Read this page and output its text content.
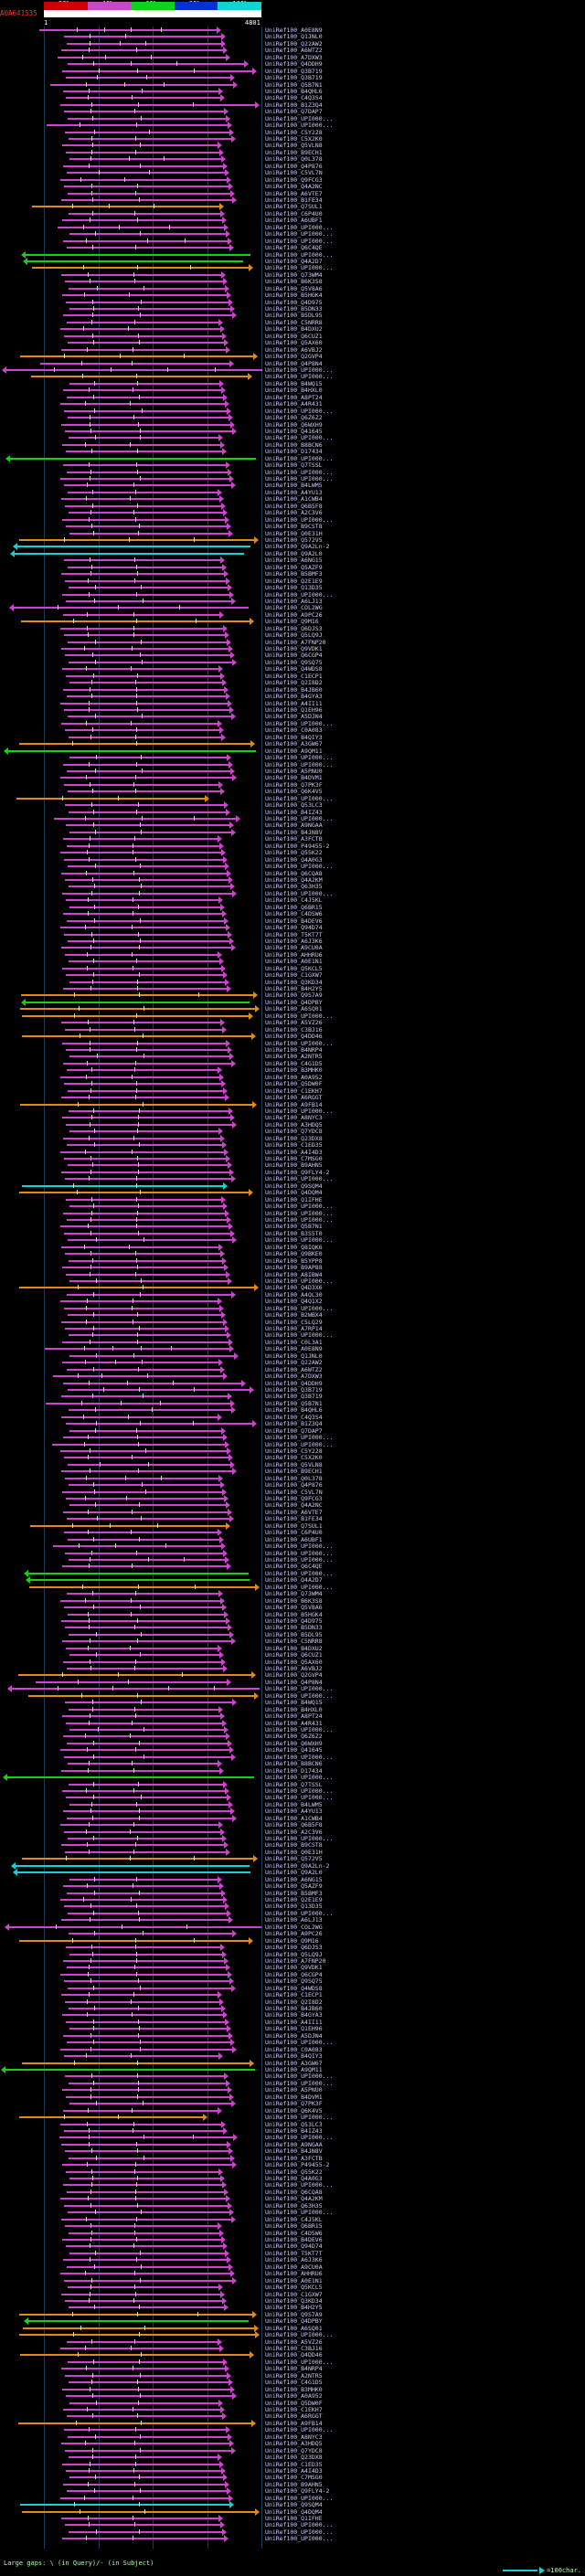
A0A641535
1	4801
UniRef100_A0E8N9
UniRef100_Q1JNL0
UniRef100_Q22AW2
UniRef100_A6WTZ2
UniRef100_A7DXW3
UniRef100_Q4DDH9
UniRef100_Q3B719
UniRef100_Q3B719
UniRef100_Q5B7N1
UniRef100_B4QHL6
UniRef100_C4Q3S4
UniRef100_B1Z3Q4
UniRef100_Q7DAP7
UniRef100_UPI000...
UniRef100_UPI000...
UniRef100_C5Y228
UniRef100_C5X2K0
UniRef100_Q5VLN8
UniRef100_B9ECH1
UniRef100_Q0L378
UniRef100_Q4P876
UniRef100_C5VL7N
UniRef100_Q9FCG3
UniRef100_Q4A2NC
UniRef100_A6VTE7
UniRef100_B1FE34
UniRef100_Q7SUL1
UniRef100_C6P4U0
UniRef100_A6UBF1
UniRef100_UPI000...
UniRef100_UPI000...
UniRef100_UPI000...
UniRef100_Q6C4QE
UniRef100_UPI000...
UniRef100_Q4A2D7
UniRef100_UPI000...
UniRef100_Q73WM4
UniRef100_B6K3S8
UniRef100_Q5V8A6
UniRef100_B5HGK4
UniRef100_Q4D975
UniRef100_B5DN33
UniRef100_B5DL95
UniRef100_C5NRR8
UniRef100_B4DXU2
UniRef100_Q6CUZ1
UniRef100_Q5AX60
UniRef100_A6VBJ2
UniRef100_Q2GVP4
UniRef100_Q4P8N4
UniRef100_UPI000...
UniRef100_UPI000...
UniRef100_B4WQ15
UniRef100_B4HXL0
UniRef100_A8PT24
UniRef100_A4R431
UniRef100_UPI000...
UniRef100_Q6Z6Z2
UniRef100_Q6WXH9
UniRef100_Q41645
UniRef100_UPI000...
UniRef100_B8BCN6
UniRef100_D17434
UniRef100_UPI000...
UniRef100_Q7TSSL
UniRef100_UPI000...
UniRef100_UPI000...
UniRef100_B4LWM5
UniRef100_A4YU13
UniRef100_A1CWB4
UniRef100_Q6B5F8
UniRef100_A2C3V6
UniRef100_UPI000...
UniRef100_B9CST8
UniRef100_Q0E31H
UniRef100_Q572V5
UniRef100_Q9A2Ln-2
UniRef100_Q9A2L0
UniRef100_A6NG15
UniRef100_Q5AZF9
UniRef100_B5BMF3
UniRef100_Q2E1E9
UniRef100_Q13D35
UniRef100_UPI000...
UniRef100_A6LJ13
UniRef100_COL2WG
UniRef100_A9PC26
UniRef100_Q9M16
UniRef100_Q6DJS3
UniRef100_Q5LQ9J
UniRef100_A7FNP20
UniRef100_Q9VDK1
UniRef100_Q6CGP4
UniRef100_Q9SQ75
UniRef100_Q4WDS8
UniRef100_C1ECP1
UniRef100_Q2I8D2
UniRef100_B4JB60
UniRef100_B4GYA3
UniRef100_A4II11
UniRef100_Q1EH96
UniRef100_A5DJN4
UniRef100_UPI000...
UniRef100_C0A083
UniRef100_B4QIY3
UniRef100_A3GW67
UniRef100_A9QM11
UniRef100_UPI000...
UniRef100_UPI000...
UniRef100_A5PNU0
UniRef100_B4DVM1
UniRef100_Q7PK3F
UniRef100_Q6K4V5
UniRef100_UPI000...
UniRef100_Q53LC3
UniRef100_B4IZ43
UniRef100_UPI000...
UniRef100_A9NGAA
UniRef100_B4JN8V
UniRef100_A3FCTB
UniRef100_P49455-2
UniRef100_Q55K22
UniRef100_Q4A0G3
UniRef100_UPI000...
UniRef100_Q6CQA8
UniRef100_Q4A2KM
UniRef100_Q63H35
UniRef100_UPI000...
UniRef100_C4J5KL
UniRef100_Q6BR15
UniRef100_C4DSW6
UniRef100_B4DEV6
UniRef100_Q94D74
UniRef100_T5KT7T
UniRef100_A6J3K6
UniRef100_A9CU0A
UniRef100_AHHRU6
UniRef100_A0E1N1
UniRef100_Q5KCL5
UniRef100_C1GXW7
UniRef100_Q3KD34
UniRef100_B4H2Y5
UniRef100_Q9S7A9
UniRef100_Q4DPBY
UniRef100_A6SQ01
UniRef100_UPI000...
UniRef100_A5VZ26
UniRef100_C3BJ16
UniRef100_Q4DD46
UniRef100_UPI000...
UniRef100_B4NRP4
UniRef100_A2NTR5
UniRef100_C4G1D5
UniRef100_B3MHK0
UniRef100_A0A952
UniRef100_Q5DW0F
UniRef100_C1EKH7
UniRef100_A6RGGT
UniRef100_A9FB14
UniRef100_UPI000...
UniRef100_A8NYC3
UniRef100_A3HDQ5
UniRef100_Q7YDC8
UniRef100_Q23DX8
UniRef100_C1ED35
UniRef100_A4I4D3
UniRef100_C7MSG0
UniRef100_B9AHN5
UniRef100_Q9FLY4-2
UniRef100_UPI000...
UniRef100_Q9SQM4
UniRef100_Q4DQM4
UniRef100_Q1IFHE
UniRef100_UPI000...
UniRef100_UPI000...
UniRef100_UPI000...
UniRef100_Q5B7N1
UniRef100_B3S5T0
UniRef100_UPI000...
UniRef100_Q8IQK6
UniRef100_Q9BKE0
UniRef100_B5YPP8
UniRef100_B9AP88
UniRef100_A8IBW4
UniRef100_UPI000...
UniRef100_Q4D3X6
UniRef100_A4QL30
UniRef100_Q4Q1X2
UniRef100_UPI000...
UniRef100_B2WBX4
UniRef100_C5LQ29
UniRef100_A7RP14
UniRef100_UPI000...
UniRef100_C0L3A1
UniRef100_A0E8N9
UniRef100_Q1JNL0
UniRef100_Q22AW2
UniRef100_A6WTZ2
UniRef100_A7DXW3
UniRef100_Q4DDH9
UniRef100_Q3B719
UniRef100_Q3B719
UniRef100_Q5B7N1
UniRef100_B4QHL6
UniRef100_C4Q3S4
UniRef100_B1Z3Q4
UniRef100_Q7DAP7
UniRef100_UPI000...
UniRef100_UPI000...
UniRef100_C5Y228
UniRef100_C5X2K0
UniRef100_Q5VLN8
UniRef100_B9ECH1
UniRef100_Q0L378
UniRef100_Q4P876
UniRef100_C5VL7N
UniRef100_Q9FCG3
UniRef100_Q4A2NC
UniRef100_A6VTE7
UniRef100_B1FE34
UniRef100_Q7SUL1
UniRef100_C6P4U0
UniRef100_A6UBF1
UniRef100_UPI000...
UniRef100_UPI000...
UniRef100_UPI000...
UniRef100_Q6C4QE
UniRef100_UPI000...
UniRef100_Q4A2D7
UniRef100_UPI000...
UniRef100_Q73WM4
UniRef100_B6K3S8
UniRef100_Q5V8A6
UniRef100_B5HGK4
UniRef100_Q4D975
UniRef100_B5DN33
UniRef100_B5DL95
UniRef100_C5NRR8
UniRef100_B4DXU2
UniRef100_Q6CUZ1
UniRef100_Q5AX60
UniRef100_A6VBJ2
UniRef100_Q2GVP4
UniRef100_Q4P8N4
UniRef100_UPI000...
UniRef100_UPI000...
UniRef100_B4WQ15
UniRef100_B4HXL0
UniRef100_A8PT24
UniRef100_A4R431
UniRef100_UPI000...
UniRef100_Q6Z6Z2
UniRef100_Q6WXH9
UniRef100_Q41645
UniRef100_UPI000...
UniRef100_B8BCN6
UniRef100_D17434
UniRef100_UPI000...
UniRef100_Q7TSSL
UniRef100_UPI000...
UniRef100_UPI000...
UniRef100_B4LWM5
UniRef100_A4YU13
UniRef100_A1CWB4
UniRef100_Q6B5F8
UniRef100_A2C3V6
UniRef100_UPI000...
UniRef100_B9CST8
UniRef100_Q0E31H
UniRef100_Q572V5
UniRef100_Q9A2Ln-2
UniRef100_Q9A2L0
UniRef100_A6NG15
UniRef100_Q5AZF9
UniRef100_B5BMF3
UniRef100_Q2E1E9
UniRef100_Q13D35
UniRef100_UPI000...
UniRef100_A6LJ13
UniRef100_COL2WG
UniRef100_A9PC26
UniRef100_Q9M16
UniRef100_Q6DJS3
UniRef100_Q5LQ9J
UniRef100_A7FNP20
UniRef100_Q9VDK1
UniRef100_Q6CGP4
UniRef100_Q9SQ75
UniRef100_Q4WDS8
UniRef100_C1ECP1
UniRef100_Q2I8D2
UniRef100_B4JB60
UniRef100_B4GYA3
UniRef100_A4II11
UniRef100_Q1EH96
UniRef100_A5DJN4
UniRef100_UPI000...
UniRef100_C0A083
UniRef100_B4QIY3
UniRef100_A3GW67
UniRef100_A9QM11
UniRef100_UPI000...
UniRef100_UPI000...
UniRef100_A5PNU0
UniRef100_B4DVM1
UniRef100_Q7PK3F
UniRef100_Q6K4V5
UniRef100_UPI000...
UniRef100_Q53LC3
UniRef100_B4IZ43
UniRef100_UPI000...
UniRef100_A9NGAA
UniRef100_B4JN8V
UniRef100_A3FCTB
UniRef100_P49455-2
UniRef100_Q55K22
UniRef100_Q4A0G3
UniRef100_UPI000...
UniRef100_Q6CQA8
UniRef100_Q4A2KM
UniRef100_Q63H35
UniRef100_UPI000...
UniRef100_C4J5KL
UniRef100_Q6BR15
UniRef100_C4DSW6
UniRef100_B4DEV6
UniRef100_Q94D74
UniRef100_T5KT7T
UniRef100_A6J3K6
UniRef100_A9CU0A
UniRef100_AHHRU6
UniRef100_A0E1N1
UniRef100_Q5KCL5
UniRef100_C1GXW7
UniRef100_Q3KD34
UniRef100_B4H2Y5
UniRef100_Q9S7A9
UniRef100_Q4DPBY
UniRef100_A6SQ01
UniRef100_UPI000...
UniRef100_A5VZ26
UniRef100_C3BJ16
UniRef100_Q4DD46
UniRef100_UPI000...
UniRef100_B4NRP4
UniRef100_A2NTR5
UniRef100_C4G1D5
UniRef100_B3MHK0
UniRef100_A0A952
UniRef100_Q5DW0F
UniRef100_C1EKH7
UniRef100_A6RGGT
UniRef100_A9FB14
UniRef100_UPI000...
UniRef100_A8NYC3
UniRef100_A3HDQ5
UniRef100_Q7YDC8
UniRef100_Q23DX8
UniRef100_C1ED35
UniRef100_A4I4D3
UniRef100_C7MSG0
UniRef100_B9AHN5
UniRef100_Q9FLY4-2
UniRef100_UPI000...
UniRef100_Q9SQM4
UniRef100_Q4DQM4
UniRef100_Q1IFHE
UniRef100_UPI000...
UniRef100_UPI000...
UniRef100_UPI000...
Large gaps: \ (in Query)/- (in Subject)
=100char.
